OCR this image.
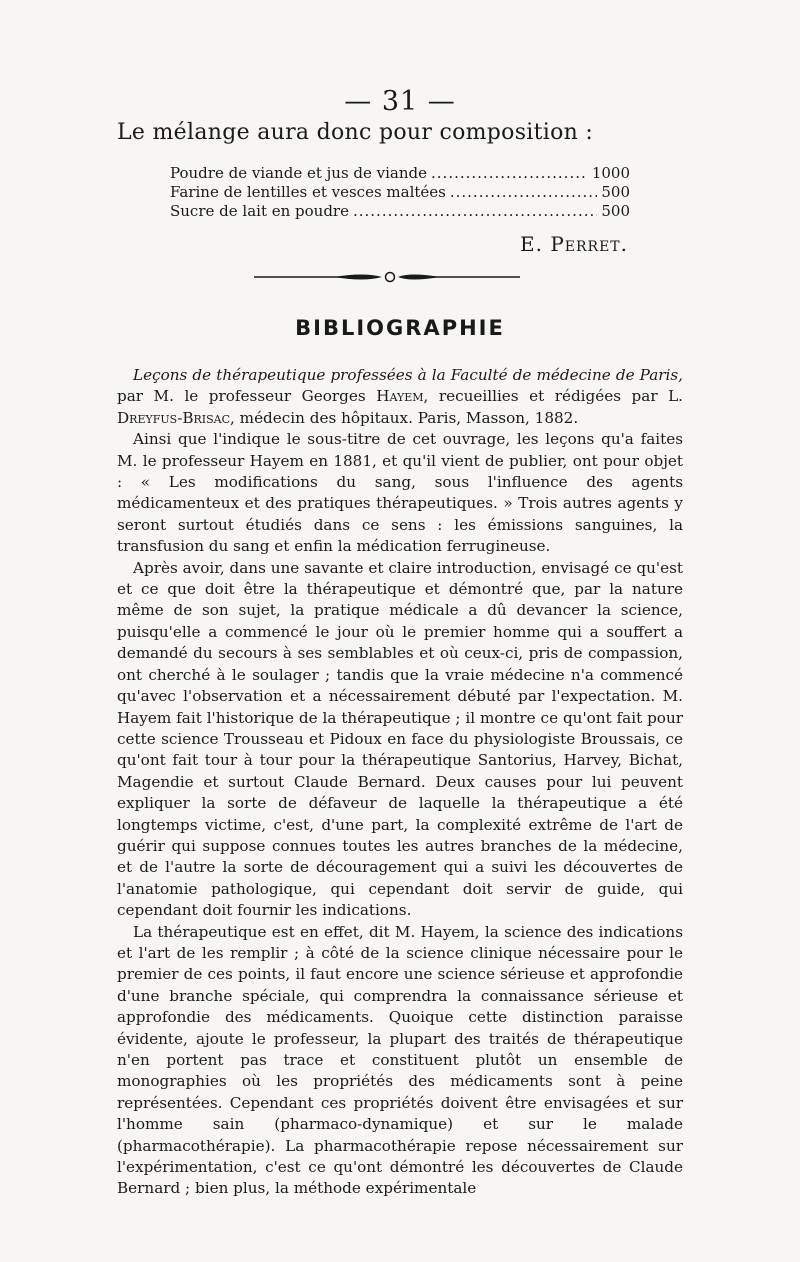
— 31 —
Le mélange aura donc pour composition :
Poudre de viande et jus de viande .....	1000
Farine de lentilles et vesces maltées .....	500
Sucre de lait en poudre .....	500
E. Perret.
BIBLIOGRAPHIE

Leçons de thérapeutique professées à la Faculté de médecine de Paris, par M. le professeur Georges Hayem, recueillies et rédigées par L. Dreyfus-Brisac, médecin des hôpitaux. Paris, Masson, 1882.

Ainsi que l'indique le sous-titre de cet ouvrage, les leçons qu'a faites M. le professeur Hayem en 1881, et qu'il vient de publier, ont pour objet : « Les modifications du sang, sous l'influence des agents médicamenteux et des pratiques thérapeutiques. » Trois autres agents y seront surtout étudiés dans ce sens : les émissions sanguines, la transfusion du sang et enfin la médication ferrugineuse.

Après avoir, dans une savante et claire introduction, envisagé ce qu'est et ce que doit être la thérapeutique et démontré que, par la nature même de son sujet, la pratique médicale a dû devancer la science, puisqu'elle a commencé le jour où le premier homme qui a souffert a demandé du secours à ses semblables et où ceux-ci, pris de compassion, ont cherché à le soulager ; tandis que la vraie médecine n'a commencé qu'avec l'observation et a nécessairement débuté par l'expectation. M. Hayem fait l'historique de la thérapeutique ; il montre ce qu'ont fait pour cette science Trousseau et Pidoux en face du physiologiste Broussais, ce qu'ont fait tour à tour pour la thérapeutique Santorius, Harvey, Bichat, Magendie et surtout Claude Bernard. Deux causes pour lui peuvent expliquer la sorte de défaveur de laquelle la thérapeutique a été longtemps victime, c'est, d'une part, la complexité extrême de l'art de guérir qui suppose connues toutes les autres branches de la médecine, et de l'autre la sorte de découragement qui a suivi les découvertes de l'anatomie pathologique, qui cependant doit servir de guide, qui cependant doit fournir les indications.

La thérapeutique est en effet, dit M. Hayem, la science des indications et l'art de les remplir ; à côté de la science clinique nécessaire pour le premier de ces points, il faut encore une science sérieuse et approfondie d'une branche spéciale, qui comprendra la connaissance sérieuse et approfondie des médicaments. Quoique cette distinction paraisse évidente, ajoute le professeur, la plupart des traités de thérapeutique n'en portent pas trace et constituent plutôt un ensemble de monographies où les propriétés des médicaments sont à peine représentées. Cependant ces propriétés doivent être envisagées et sur l'homme sain (pharmaco-dynamique) et sur le malade (pharmacothérapie). La pharmacothérapie repose nécessairement sur l'expérimentation, c'est ce qu'ont démontré les découvertes de Claude Bernard ; bien plus, la méthode expérimentale
